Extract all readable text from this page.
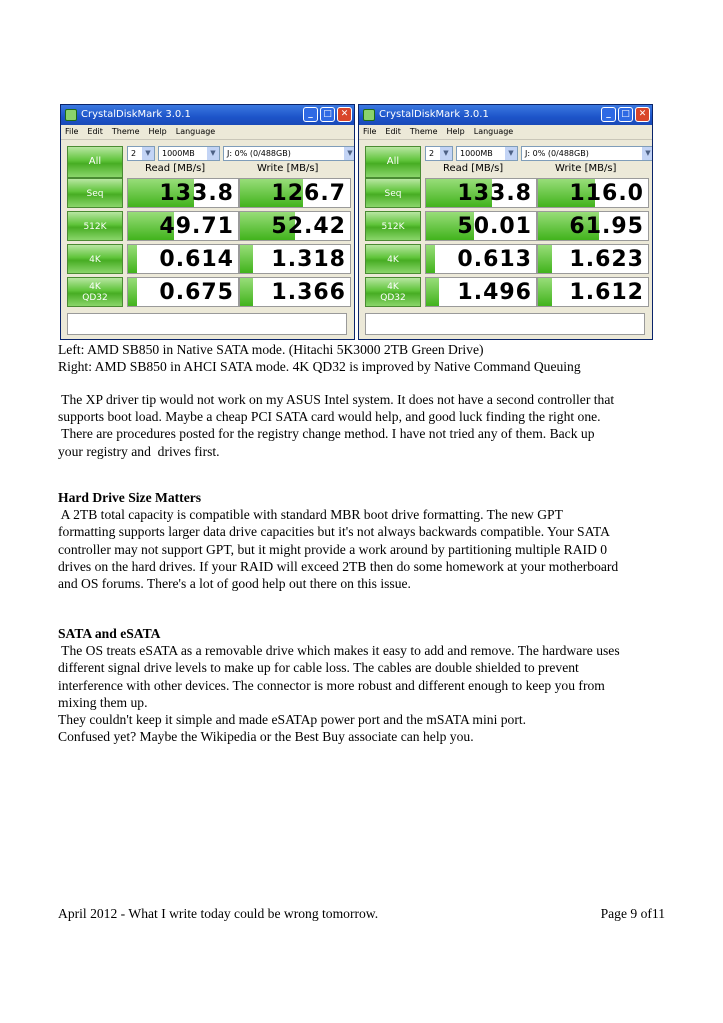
CrystalDiskMark 3.0.1	_	□ ✕
File Edit Theme Help Language
All
2	▼	1000MB	▼	J: 0% (0/488GB)	▼
Read [MB/s]	Write [MB/s]
Seq	133.8 126.7
512K	49.71 52.42
4K	0.614 1.318
4K
QD32	0.675 1.366
CrystalDiskMark 3.0.1	_	□ ✕
File Edit Theme Help Language
All
2	▼	1000MB	▼	J: 0% (0/488GB)	▼
Read [MB/s]	Write [MB/s]
Seq	133.8 116.0
512K	50.01 61.95
4K	0.613 1.623
4K
QD32	1.496 1.612

Left: AMD SB850 in Native SATA mode. (Hitachi 5K3000 2TB Green Drive)
Right: AMD SB850 in AHCI SATA mode. 4K QD32 is improved by Native Command Queuing

The XP driver tip would not work on my ASUS Intel system. It does not have a second controller that
supports boot load. Maybe a cheap PCI SATA card would help, and good luck finding the right one.
There are procedures posted for the registry change method. I have not tried any of them. Back up
your registry and  drives first.

Hard Drive Size Matters
A 2TB total capacity is compatible with standard MBR boot drive formatting. The new GPT
formatting supports larger data drive capacities but it's not always backwards compatible. Your SATA
controller may not support GPT, but it might provide a work around by partitioning multiple RAID 0
drives on the hard drives. If your RAID will exceed 2TB then do some homework at your motherboard
and OS forums. There's a lot of good help out there on this issue.

SATA and eSATA
The OS treats eSATA as a removable drive which makes it easy to add and remove. The hardware uses
different signal drive levels to make up for cable loss. The cables are double shielded to prevent
interference with other devices. The connector is more robust and different enough to keep you from
mixing them up.
They couldn't keep it simple and made eSATAp power port and the mSATA mini port.
Confused yet? Maybe the Wikipedia or the Best Buy associate can help you.

April 2012 - What I write today could be wrong tomorrow.	Page 9 of11
